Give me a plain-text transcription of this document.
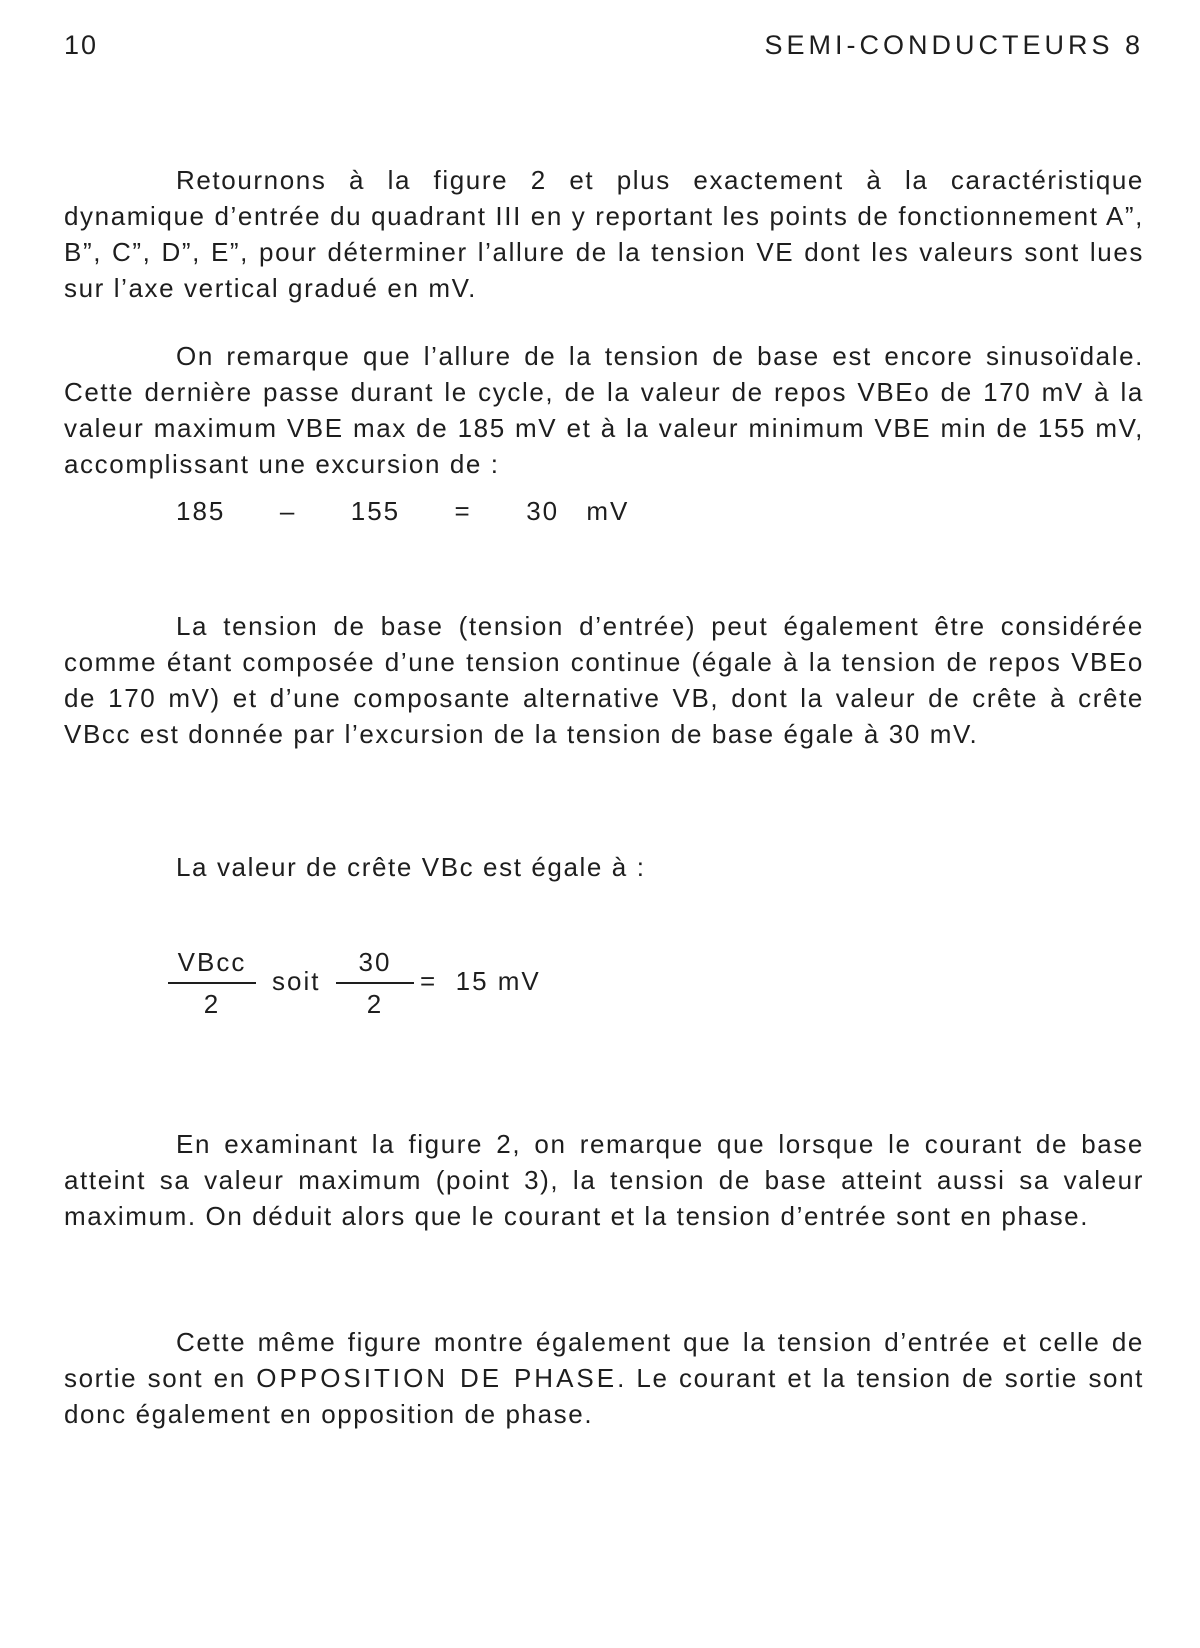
10	SEMI-CONDUCTEURS 8

Retournons à la figure 2 et plus exactement à la caractéristique dynamique d’entrée du quadrant III en y reportant les points de fonctionnement A”, B”, C”, D”, E”, pour déterminer l’allure de la tension VE dont les valeurs sont lues sur l’axe vertical gradué en mV.

On remarque que l’allure de la tension de base est encore sinusoïdale. Cette dernière passe durant le cycle, de la valeur de repos VBEo de 170 mV à la valeur maximum VBE max de 185 mV et à la valeur minimum VBE min de 155 mV, accomplissant une excursion de :

185  –  155  =  30 mV

La tension de base (tension d’entrée) peut également être considérée comme étant composée d’une tension continue (égale à la tension de repos VBEo de 170 mV) et d’une composante alternative VB, dont la valeur de crête à crête VBcc est donnée par l’excursion de la tension de base égale à 30 mV.

La valeur de crête VBc est égale à :
VBcc
2
soit
30
2
=  15 mV

En examinant la figure 2, on remarque que lorsque le courant de base atteint sa valeur maximum (point 3), la tension de base atteint aussi sa valeur maximum. On déduit alors que le courant et la tension d’entrée sont en phase.

Cette même figure montre également que la tension d’entrée et celle de sortie sont en OPPOSITION DE PHASE. Le courant et la tension de sortie sont donc également en opposition de phase.
